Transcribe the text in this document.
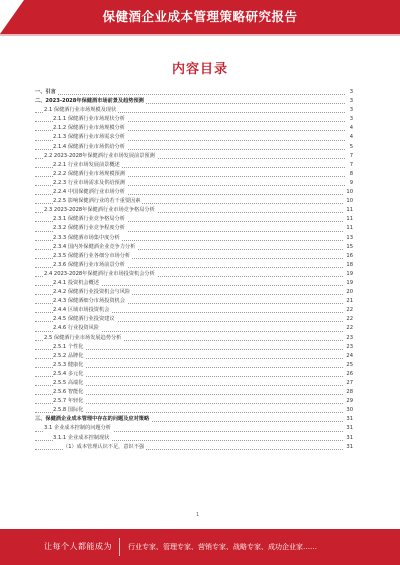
保健酒企业成本管理策略研究报告
内容目录
一、引言	3
二、2023-2028年保健酒市场前景及趋势预测	3
2.1 保健酒行业市场规模及现状	3
2.1.1 保健酒行业市场现状分析	3
2.1.2 保健酒行业市场规模分析	4
2.1.3 保健酒行业市场需求分析	4
2.1.4 保健酒行业市场供给分析	5
2.2 2023-2028年保健酒行业市场发展前景预测	7
2.2.1 行业市场发展前景概述	7
2.2.2 保健酒行业市场规模预测	8
2.2.3 行业市场需求及供给预测	9
2.2.4 中国保健酒行业市场分析	10
2.2.5 影响保健酒行业的若干重要因素	10
2.3 2023-2028年保健酒行业市场竞争格局分析	11
2.3.1 保健酒行业竞争格局分析	11
2.3.2 保健酒行业竞争程度分析	11
2.3.3 保健酒市场集中度分析	13
2.3.4 国内外保健酒企业竞争力分析	15
2.3.5 保健酒行业各细分市场分析	16
2.3.6 保健酒行业市场前景分析	18
2.4 2023-2028年保健酒行业市场投资机会分析	19
2.4.1 投资机会概述	19
2.4.2 保健酒行业投资机会与风险	20
2.4.3 保健酒细分市场投资机会	21
2.4.4 区域市场投资机会	22
2.4.5 保健酒行业投资建议	22
2.4.6 行业投资风险	22
2.5 保健酒行业市场发展趋势分析	23
2.5.1 个性化	23
2.5.2 品牌化	24
2.5.3 健康化	25
2.5.4 多元化	26
2.5.5 高端化	27
2.5.6 智能化	28
2.5.7 年轻化	29
2.5.8 国际化	30
三、保健酒企业成本管理中存在的问题及应对策略	31
3.1 企业成本控制的问题分析	31
3.1.1 企业成本控制现状	31
（1）成本管理认识不足，意识不强	31
1
让每个人都能成为 行业专家、管理专家、营销专家、战略专家、成功企业家……
